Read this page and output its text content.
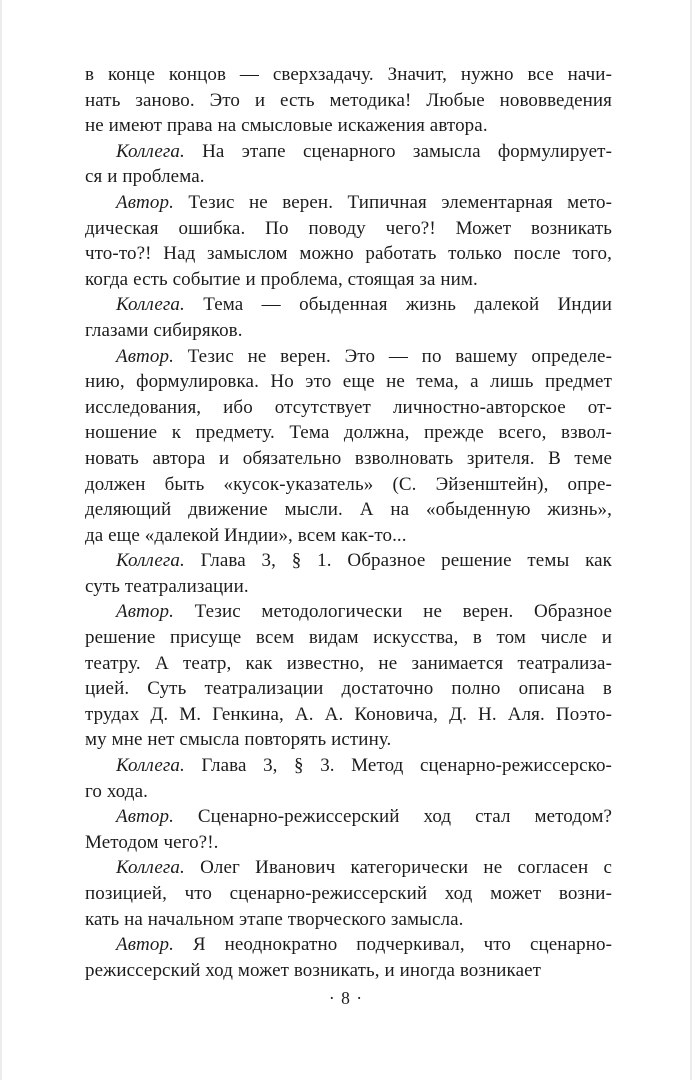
в конце концов — сверхзадачу. Значит, нужно все начи-
нать заново. Это и есть методика! Любые нововведения
не имеют права на смысловые искажения автора.
Коллега. На этапе сценарного замысла формулирует-
ся и проблема.
Автор. Тезис не верен. Типичная элементарная мето-
дическая ошибка. По поводу чего?! Может возникать
что-то?! Над замыслом можно работать только после того,
когда есть событие и проблема, стоящая за ним.
Коллега. Тема — обыденная жизнь далекой Индии
глазами сибиряков.
Автор. Тезис не верен. Это — по вашему определе-
нию, формулировка. Но это еще не тема, а лишь предмет
исследования, ибо отсутствует личностно-авторское от-
ношение к предмету. Тема должна, прежде всего, взвол-
новать автора и обязательно взволновать зрителя. В теме
должен быть «кусок-указатель» (С. Эйзенштейн), опре-
деляющий движение мысли. А на «обыденную жизнь»,
да еще «далекой Индии», всем как-то...
Коллега. Глава 3, § 1. Образное решение темы как
суть театрализации.
Автор. Тезис методологически не верен. Образное
решение присуще всем видам искусства, в том числе и
театру. А театр, как известно, не занимается театрализа-
цией. Суть театрализации достаточно полно описана в
трудах Д. М. Генкина, А. А. Коновича, Д. Н. Аля. Поэто-
му мне нет смысла повторять истину.
Коллега. Глава 3, § 3. Метод сценарно-режиссерско-
го хода.
Автор. Сценарно-режиссерский ход стал методом?
Методом чего?!.
Коллега. Олег Иванович категорически не согласен с
позицией, что сценарно-режиссерский ход может возни-
кать на начальном этапе творческого замысла.
Автор. Я неоднократно подчеркивал, что сценарно-
режиссерский ход может возникать, и иногда возникает
· 8 ·
